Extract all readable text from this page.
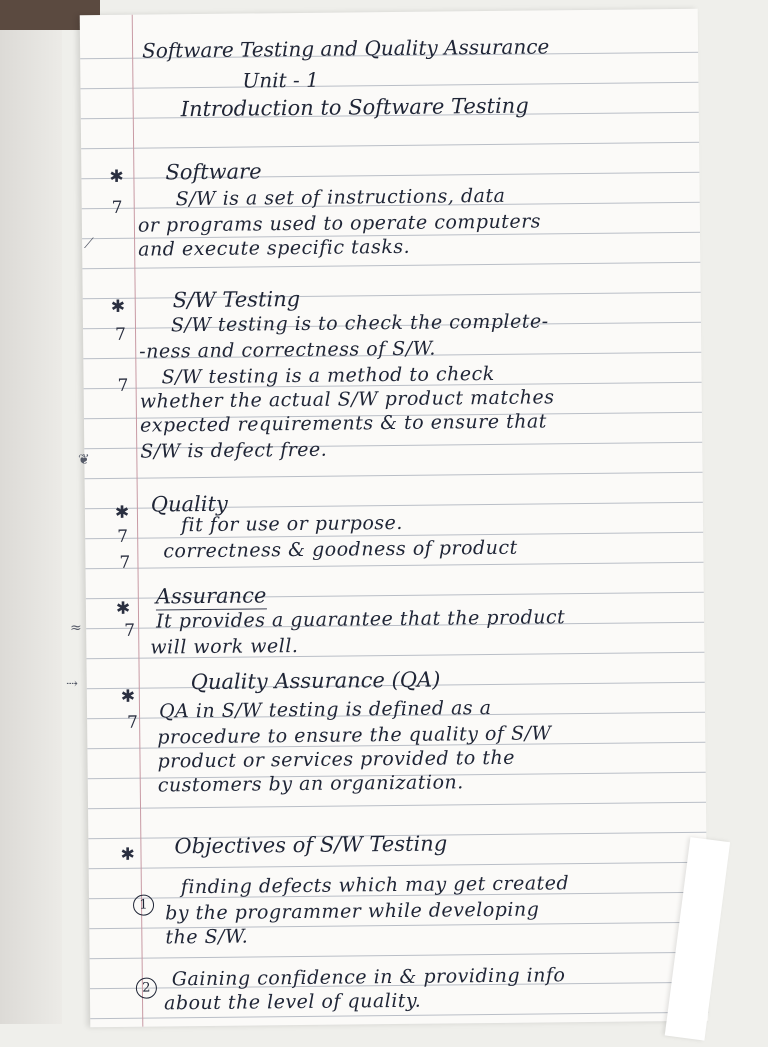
Software Testing and Quality Assurance
Unit - 1
Introduction to Software Testing
✱ Software
7	S/W is a set of instructions, data
or programs used to operate computers
and execute specific tasks.
✱ S/W Testing
7 S/W testing is to check the complete-
-ness and correctness of S/W.
7 S/W testing is a method to check
whether the actual S/W product matches
expected requirements & to ensure that
S/W is defect free.
✱ Quality
7
fit for use or purpose.
7
correctness & goodness of product
✱
Assurance
7 It provides a guarantee that the product
will work well.
✱
Quality Assurance (QA)
7
QA in S/W testing is defined as a
procedure to ensure the quality of S/W
product or services provided to the
customers by an organization.
✱ Objectives of S/W Testing
1
finding defects which may get created
by the programmer while developing
the S/W.
2	Gaining confidence in & providing info
about the level of quality.
⟋
❦
≈
⇢
